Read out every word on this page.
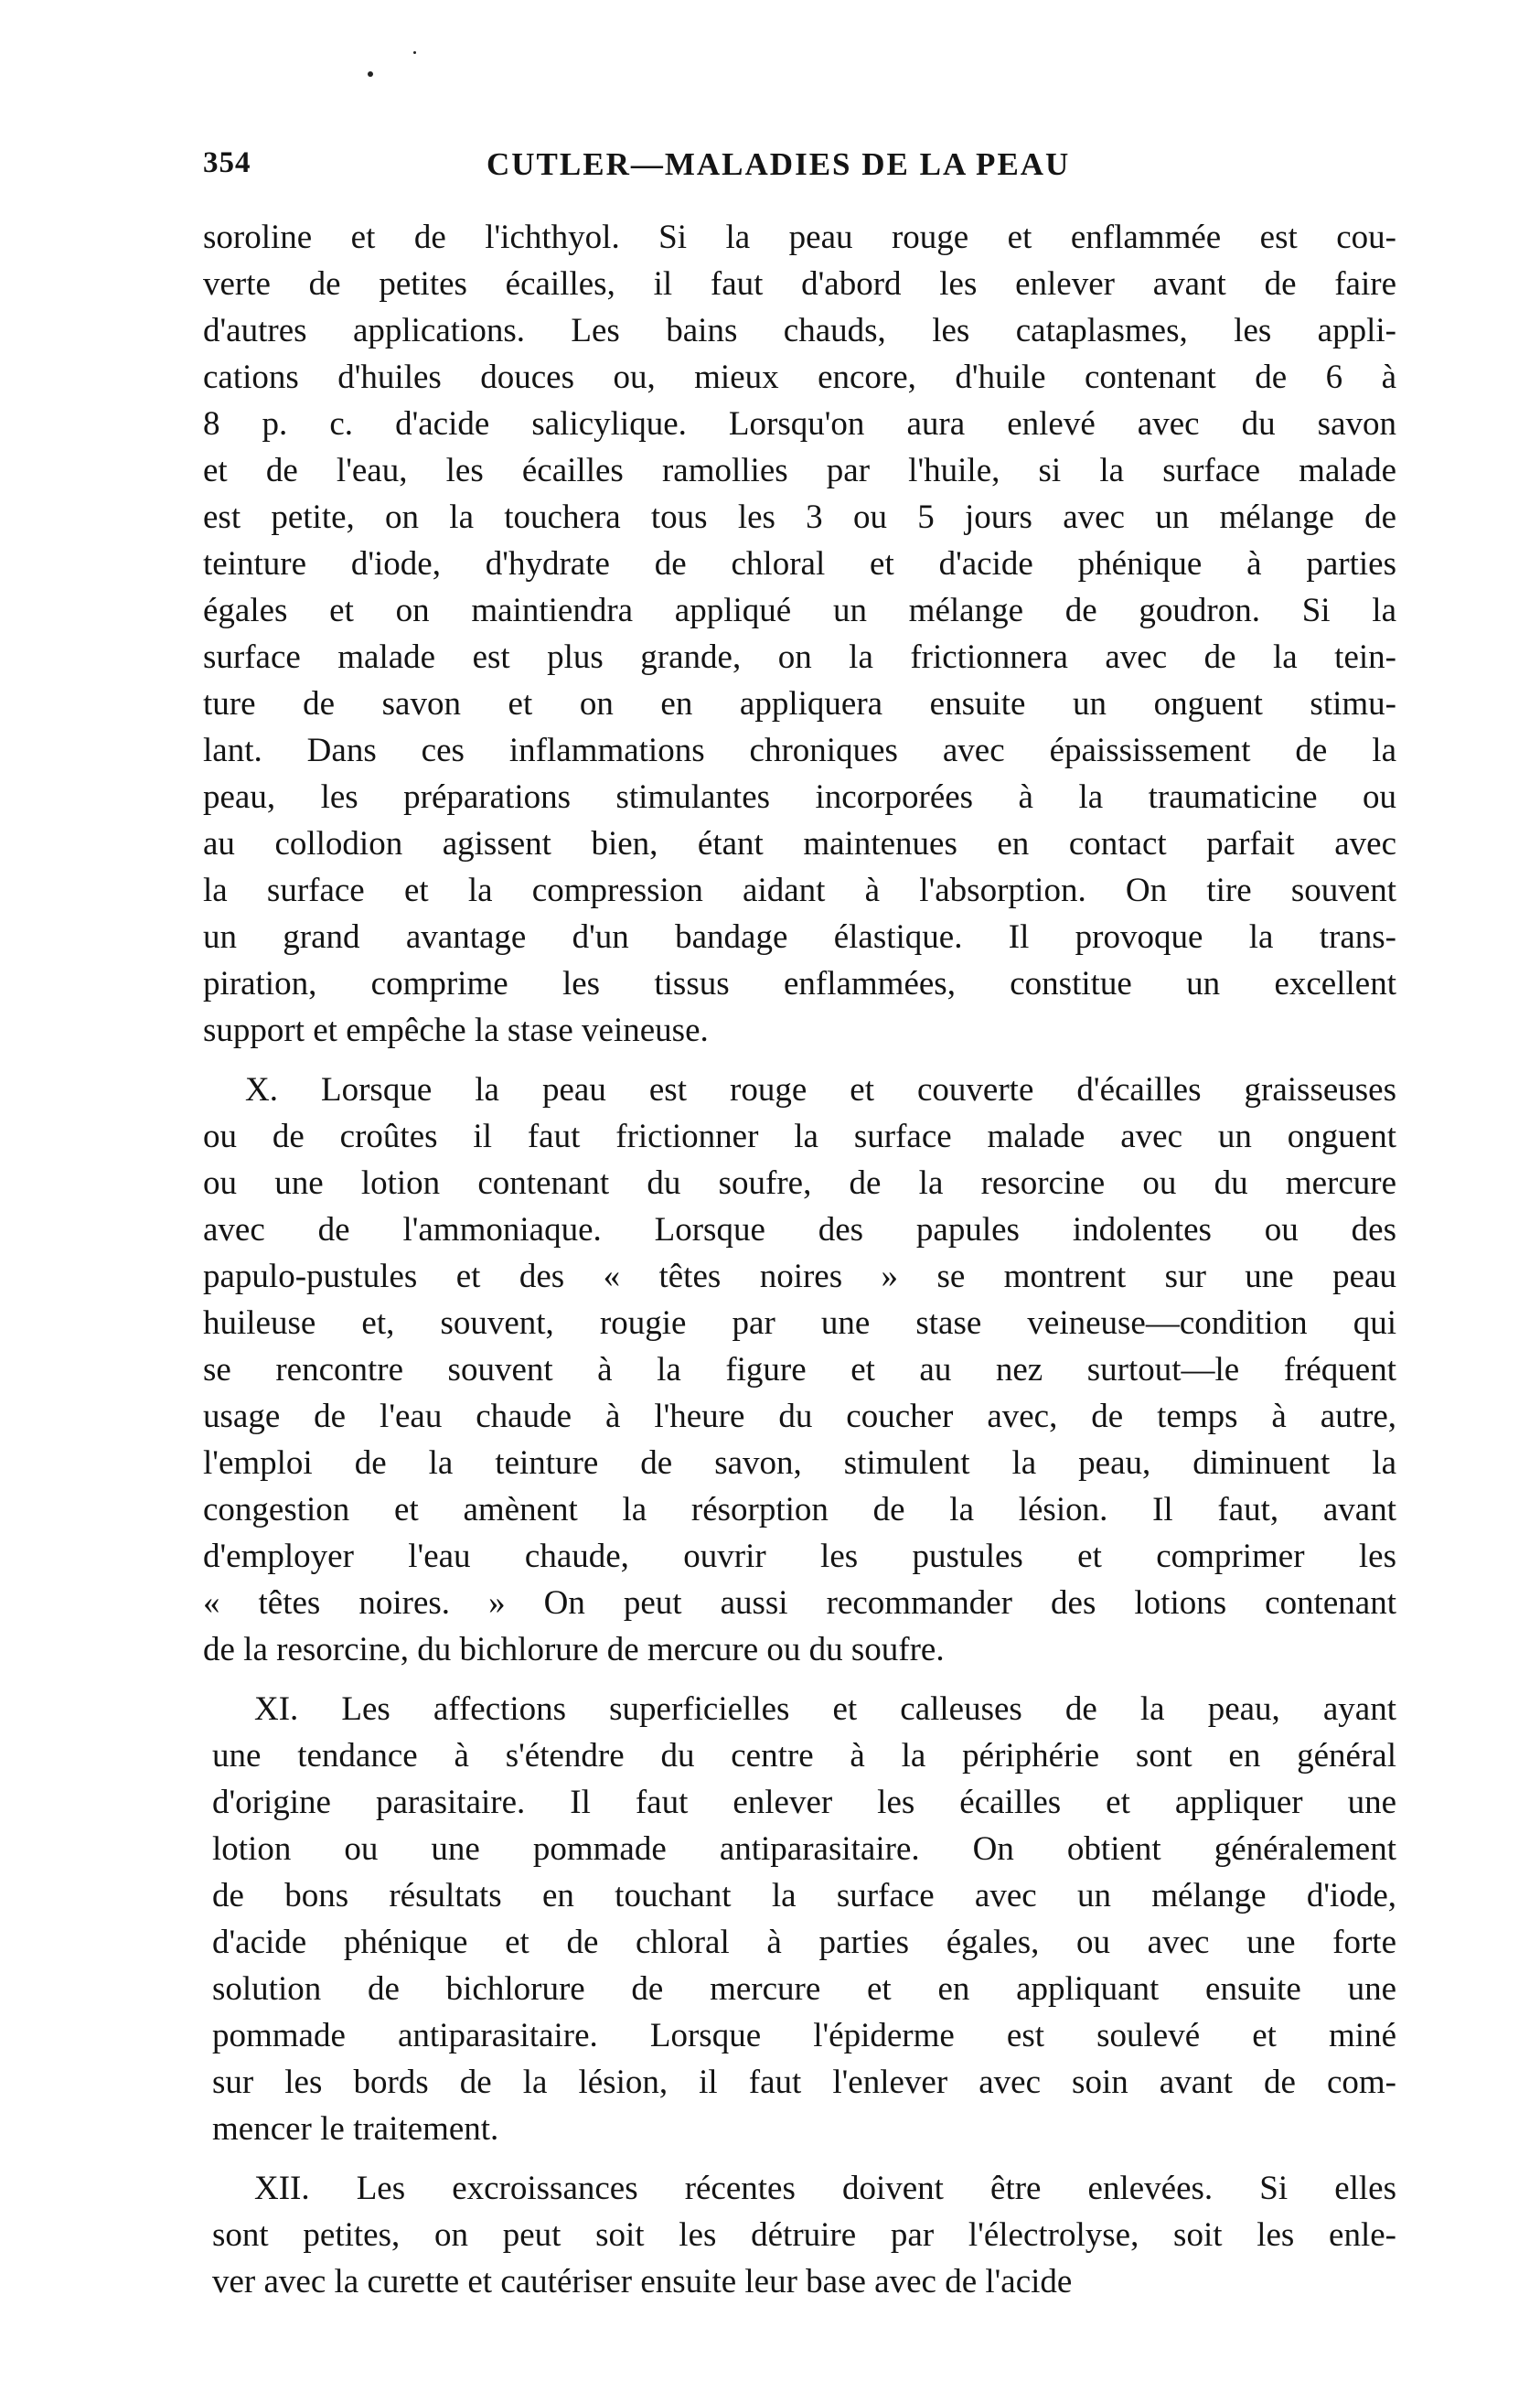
354	CUTLER—MALADIES DE LA PEAU
soroline et de l'ichthyol. Si la peau rouge et enflammée est cou-
verte de petites écailles, il faut d'abord les enlever avant de faire
d'autres applications. Les bains chauds, les cataplasmes, les appli-
cations d'huiles douces ou, mieux encore, d'huile contenant de 6 à
8 p. c. d'acide salicylique. Lorsqu'on aura enlevé avec du savon
et de l'eau, les écailles ramollies par l'huile, si la surface malade
est petite, on la touchera tous les 3 ou 5 jours avec un mélange de
teinture d'iode, d'hydrate de chloral et d'acide phénique à parties
égales et on maintiendra appliqué un mélange de goudron. Si la
surface malade est plus grande, on la frictionnera avec de la tein-
ture de savon et on en appliquera ensuite un onguent stimu-
lant. Dans ces inflammations chroniques avec épaississement de la
peau, les préparations stimulantes incorporées à la traumaticine ou
au collodion agissent bien, étant maintenues en contact parfait avec
la surface et la compression aidant à l'absorption. On tire souvent
un grand avantage d'un bandage élastique. Il provoque la trans-
piration, comprime les tissus enflammées, constitue un excellent
support et empêche la stase veineuse.
X. Lorsque la peau est rouge et couverte d'écailles graisseuses
ou de croûtes il faut frictionner la surface malade avec un onguent
ou une lotion contenant du soufre, de la resorcine ou du mercure
avec de l'ammoniaque. Lorsque des papules indolentes ou des
papulo-pustules et des « têtes noires » se montrent sur une peau
huileuse et, souvent, rougie par une stase veineuse—condition qui
se rencontre souvent à la figure et au nez surtout—le fréquent
usage de l'eau chaude à l'heure du coucher avec, de temps à autre,
l'emploi de la teinture de savon, stimulent la peau, diminuent la
congestion et amènent la résorption de la lésion. Il faut, avant
d'employer l'eau chaude, ouvrir les pustules et comprimer les
« têtes noires. » On peut aussi recommander des lotions contenant
de la resorcine, du bichlorure de mercure ou du soufre.
XI. Les affections superficielles et calleuses de la peau, ayant
une tendance à s'étendre du centre à la périphérie sont en général
d'origine parasitaire. Il faut enlever les écailles et appliquer une
lotion ou une pommade antiparasitaire. On obtient généralement
de bons résultats en touchant la surface avec un mélange d'iode,
d'acide phénique et de chloral à parties égales, ou avec une forte
solution de bichlorure de mercure et en appliquant ensuite une
pommade antiparasitaire. Lorsque l'épiderme est soulevé et miné
sur les bords de la lésion, il faut l'enlever avec soin avant de com-
mencer le traitement.
XII. Les excroissances récentes doivent être enlevées. Si elles
sont petites, on peut soit les détruire par l'électrolyse, soit les enle-
ver avec la curette et cautériser ensuite leur base avec de l'acide
